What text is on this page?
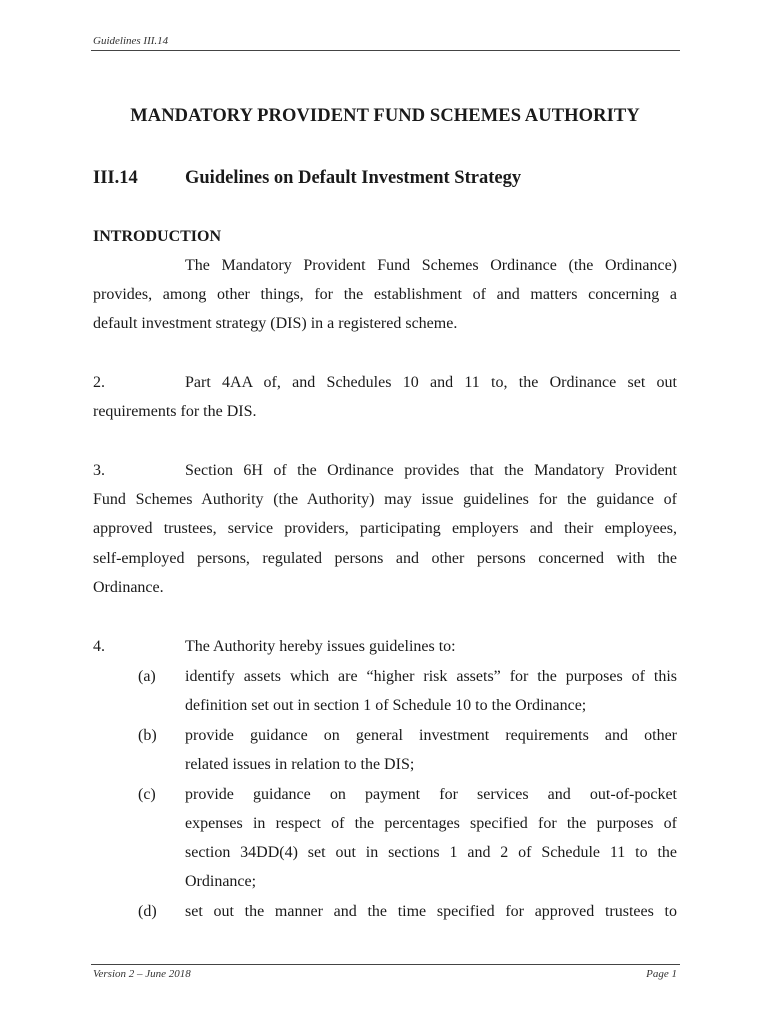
Guidelines III.14
MANDATORY PROVIDENT FUND SCHEMES AUTHORITY
III.14	Guidelines on Default Investment Strategy
INTRODUCTION
The Mandatory Provident Fund Schemes Ordinance (the Ordinance)
provides, among other things, for the establishment of and matters concerning a
default investment strategy (DIS) in a registered scheme.
2.	Part 4AA of, and Schedules 10 and 11 to, the Ordinance set out
requirements for the DIS.
3.	Section 6H of the Ordinance provides that the Mandatory Provident
Fund Schemes Authority (the Authority) may issue guidelines for the guidance of
approved trustees, service providers, participating employers and their employees,
self-employed persons, regulated persons and other persons concerned with the
Ordinance.
4.	The Authority hereby issues guidelines to:
(a) identify assets which are “higher risk assets” for the purposes of this
definition set out in section 1 of Schedule 10 to the Ordinance;
(b) provide guidance on general investment requirements and other
related issues in relation to the DIS;
(c) provide guidance on payment for services and out-of-pocket
expenses in respect of the percentages specified for the purposes of
section 34DD(4) set out in sections 1 and 2 of Schedule 11 to the
Ordinance;
(d) set out the manner and the time specified for approved trustees to
Version 2 – June 2018	Page 1
